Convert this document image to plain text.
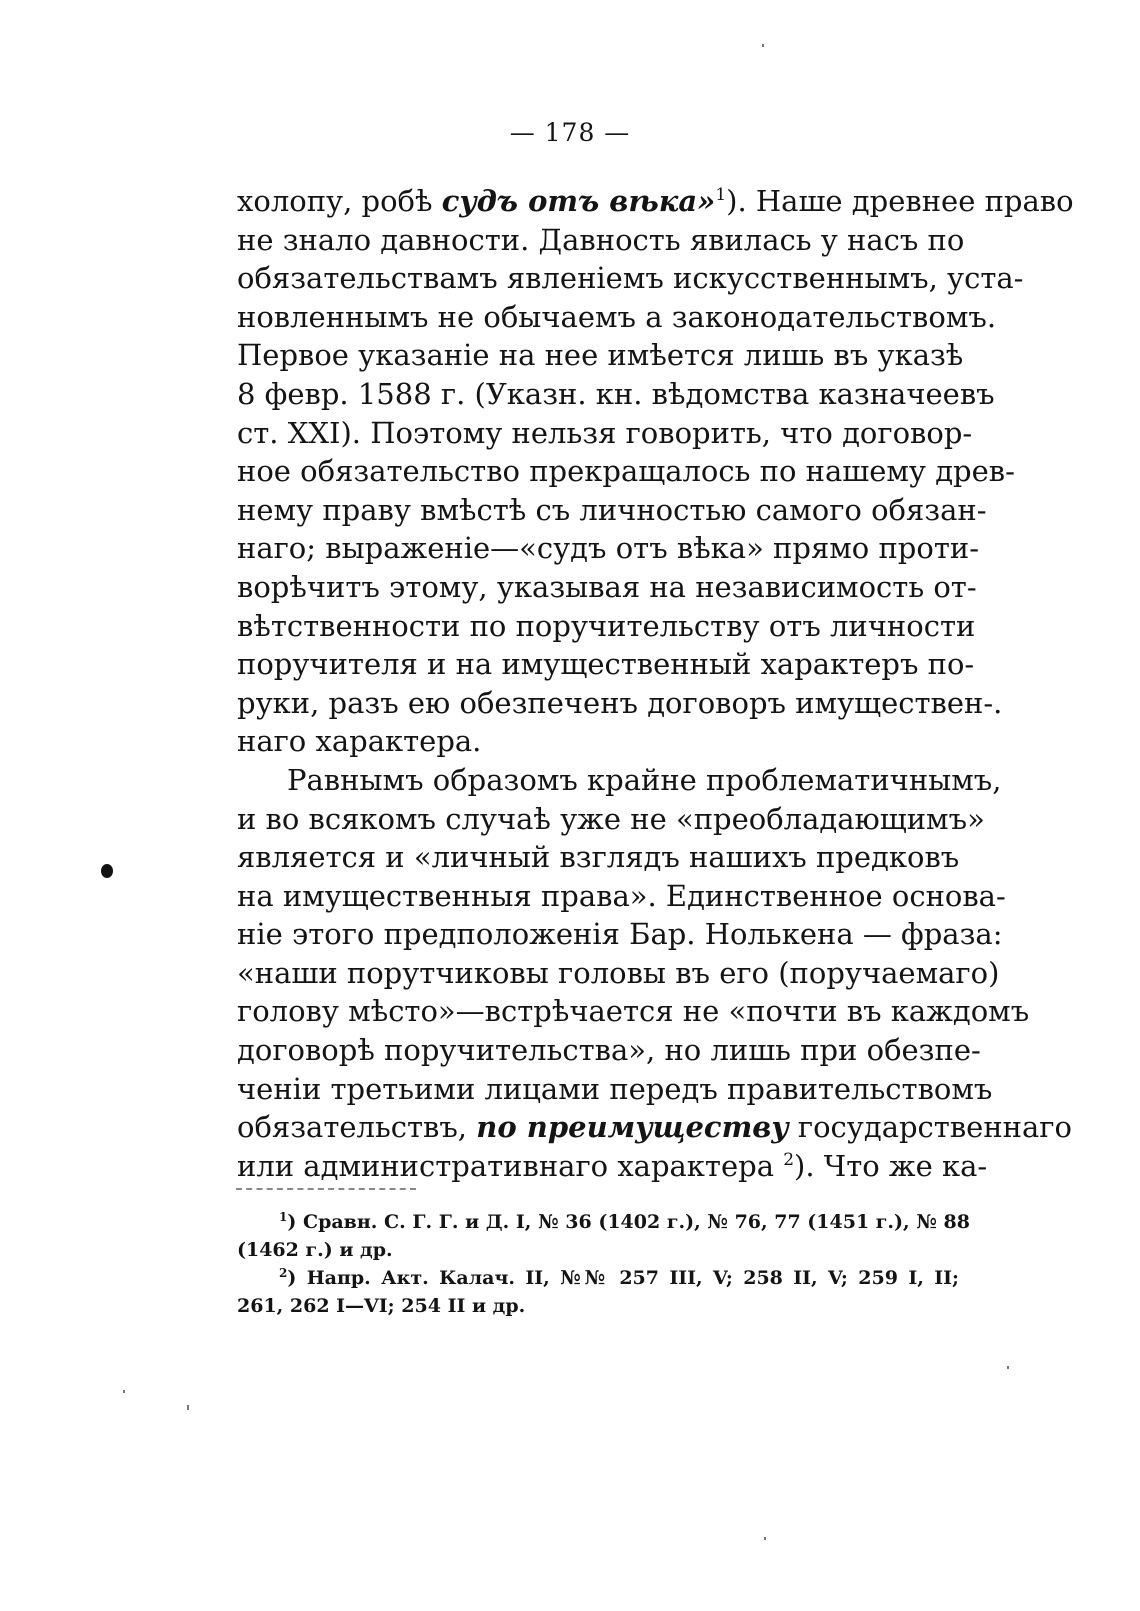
— 178 —
холопу, робѣ судъ отъ вѣка»$^1$). Наше древнее право
не знало давности. Давность явилась у насъ по
обязательствамъ явленіемъ искусственнымъ, уста-
новленнымъ не обычаемъ а законодательствомъ.
Первое указаніе на нее имѣется лишь въ указѣ
8 февр. 1588 г. (Указн. кн. вѣдомства казначеевъ
ст. XXI). Поэтому нельзя говорить, что договор-
ное обязательство прекращалось по нашему древ-
нему праву вмѣстѣ съ личностью самого обязан-
наго; выраженіе—«судъ отъ вѣка» прямо проти-
ворѣчитъ этому, указывая на независимость от-
вѣтственности по поручительству отъ личности
поручителя и на имущественный характеръ по-
руки, разъ ею обезпеченъ договоръ имуществен-.
наго характера.
Равнымъ образомъ крайне проблематичнымъ,
и во всякомъ случаѣ уже не «преобладающимъ»
является и «личный взглядъ нашихъ предковъ
на имущественныя права». Единственное основа-
ніе этого предположенія Бар. Нолькена — фраза:
«наши порутчиковы головы въ его (поручаемаго)
голову мѣсто»—встрѣчается не «почти въ каждомъ
договорѣ поручительства», но лишь при обезпе-
ченіи третьими лицами передъ правительствомъ
обязательствъ, по преимуществу государственнаго
или административнаго характера $^2$). Что же ка-
$^1$) Сравн. С. Г. Г. и Д. I, № 36 (1402 г.), № 76, 77 (1451 г.), № 88
(1462 г.) и др.
$^2$) Напр. Акт. Калач. II, №№ 257 III, V; 258 II, V; 259 I, II;
261, 262 I—VI; 254 II и др.
